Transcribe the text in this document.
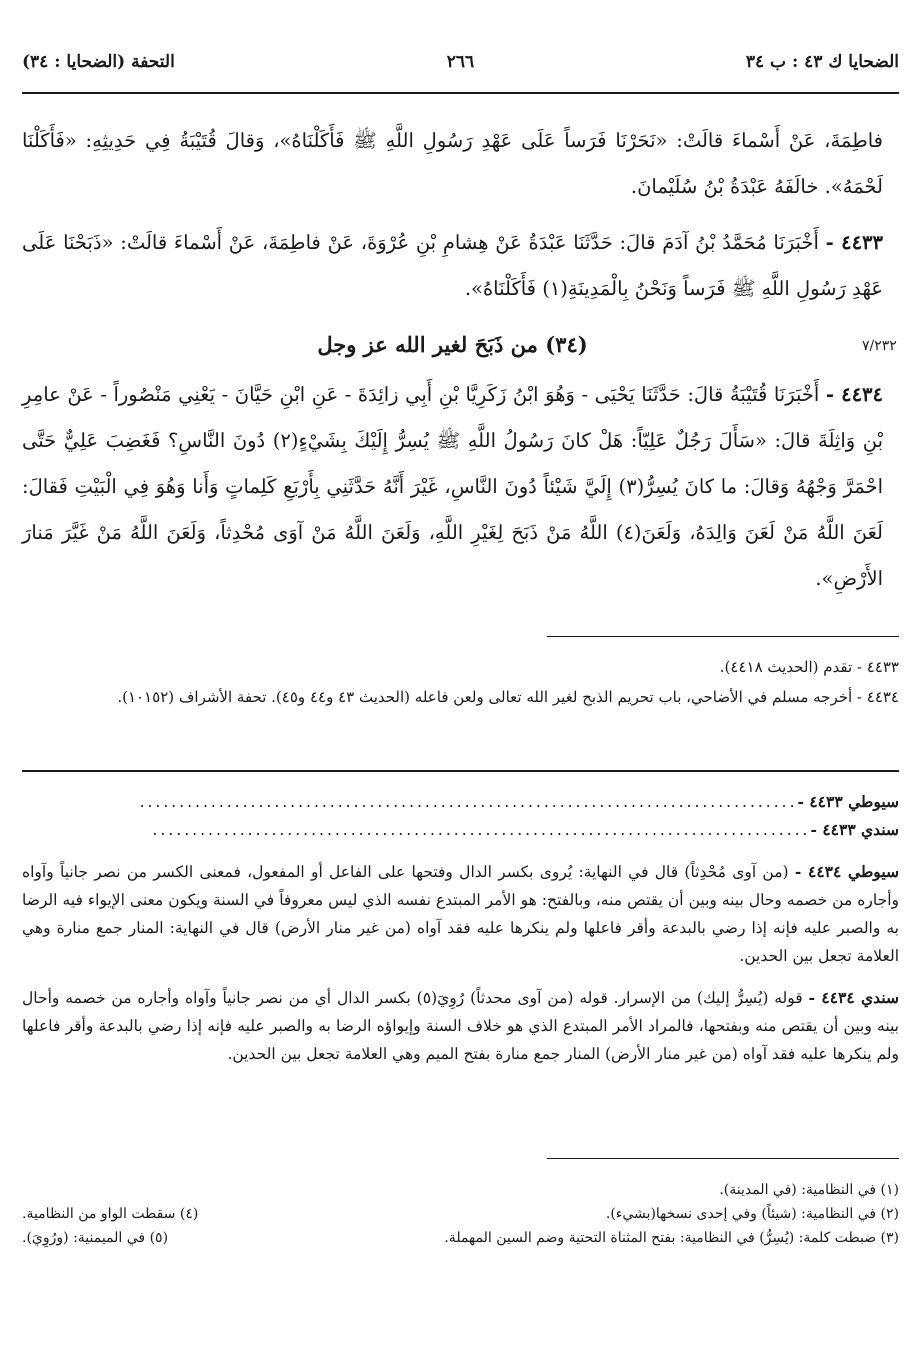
الضحايا ك ٤٣ : ب ٣٤
٢٦٦
التحفة (الضحايا : ٣٤)
٧/٢٣٢

فاطِمَةَ، عَنْ أَسْماءَ قالَتْ: «نَحَرْنَا فَرَساً عَلَى عَهْدِ رَسُولِ اللَّهِ ﷺ فَأَكَلْنَاهُ»، وَقالَ قُتَيْبَةُ فِي حَدِيثِهِ: «فَأَكَلْنَا لَحْمَهُ». خالَفَهُ عَبْدَةُ بْنُ سُلَيْمانَ.

٤٤٣٣ - أَخْبَرَنَا مُحَمَّدُ بْنُ آدَمَ قالَ: حَدَّثَنَا عَبْدَةُ عَنْ هِشامِ بْنِ عُرْوَةَ، عَنْ فاطِمَةَ، عَنْ أَسْماءَ قالَتْ: «ذَبَحْنَا عَلَى عَهْدِ رَسُولِ اللَّهِ ﷺ فَرَساً وَنَحْنُ بِالْمَدِينَةِ(١) فَأَكَلْنَاهُ».

(٣٤) من ذَبَحَ لغير الله عز وجل

٤٤٣٤ - أَخْبَرَنَا قُتَيْبَةُ قالَ: حَدَّثَنَا يَحْيَى - وَهُوَ ابْنُ زَكَرِيَّا بْنِ أَبِي زائِدَةَ - عَنِ ابْنِ حَيَّانَ - يَعْنِي مَنْصُوراً - عَنْ عامِرِ بْنِ وَاثِلَةَ قالَ: «سَأَلَ رَجُلٌ عَلِيّاً: هَلْ كانَ رَسُولُ اللَّهِ ﷺ يُسِرُّ إِلَيْكَ بِشَيْءٍ(٢) دُونَ النَّاسِ؟ فَغَضِبَ عَلِيٌّ حَتَّى احْمَرَّ وَجْهُهُ وَقالَ: ما كانَ يُسِرُّ(٣) إِلَيَّ شَيْئاً دُونَ النَّاسِ، غَيْرَ أَنَّهُ حَدَّثَنِي بِأَرْبَعِ كَلِماتٍ وَأَنا وَهُوَ فِي الْبَيْتِ فَقالَ: لَعَنَ اللَّهُ مَنْ لَعَنَ وَالِدَهُ، وَلَعَنَ(٤) اللَّهُ مَنْ ذَبَحَ لِغَيْرِ اللَّهِ، وَلَعَنَ اللَّهُ مَنْ آوَى مُحْدِثاً، وَلَعَنَ اللَّهُ مَنْ غَيَّرَ مَنارَ الأَرْضِ».

٤٤٣٣ - تقدم (الحديث ٤٤١٨).

٤٤٣٤ - أخرجه مسلم في الأضاحي، باب تحريم الذبح لغير الله تعالى ولعن فاعله (الحديث ٤٣ و٤٤ و٤٥). تحفة الأشراف (١٠١٥٢).

سيوطي ٤٤٣٣ -
...................................................................................
سندي ٤٤٣٣ -
...................................................................................

سيوطي ٤٤٣٤ - (من آوى مُحْدِثاً) قال في النهاية: يُروى بكسر الدال وفتحها على الفاعل أو المفعول، فمعنى الكسر من نصر جانياً وآواه وأجاره من خصمه وحال بينه وبين أن يقتص منه، وبالفتح: هو الأمر المبتدع نفسه الذي ليس معروفاً في السنة ويكون معنى الإيواء فيه الرضا به والصبر عليه فإنه إذا رضي بالبدعة وأقر فاعلها ولم ينكرها عليه فقد آواه (من غير منار الأرض) قال في النهاية: المنار جمع منارة وهي العلامة تجعل بين الحدين.

سندي ٤٤٣٤ - قوله (يُسِرُّ إليك) من الإسرار. قوله (من آوى محدثاً) رُوِيَ(٥) بكسر الدال أي من نصر جانياً وآواه وأجاره من خصمه وأحال بينه وبين أن يقتص منه وبفتحها، فالمراد الأمر المبتدع الذي هو خلاف السنة وإيواؤه الرضا به والصبر عليه فإنه إذا رضي بالبدعة وأقر فاعلها ولم ينكرها عليه فقد آواه (من غير منار الأرض) المنار جمع منارة بفتح الميم وهي العلامة تجعل بين الحدين.

(١) في النظامية: (في المدينة).
(٢) في النظامية: (شيئاً) وفي إحدى نسخها(بشيء).
(٤) سقطت الواو من النظامية.
(٣) ضبطت كلمة: (يُسِرُّ) في النظامية: بفتح المثناة التحتية وضم السين المهملة.
(٥) في الميمنية: (ورُوِيَ).
